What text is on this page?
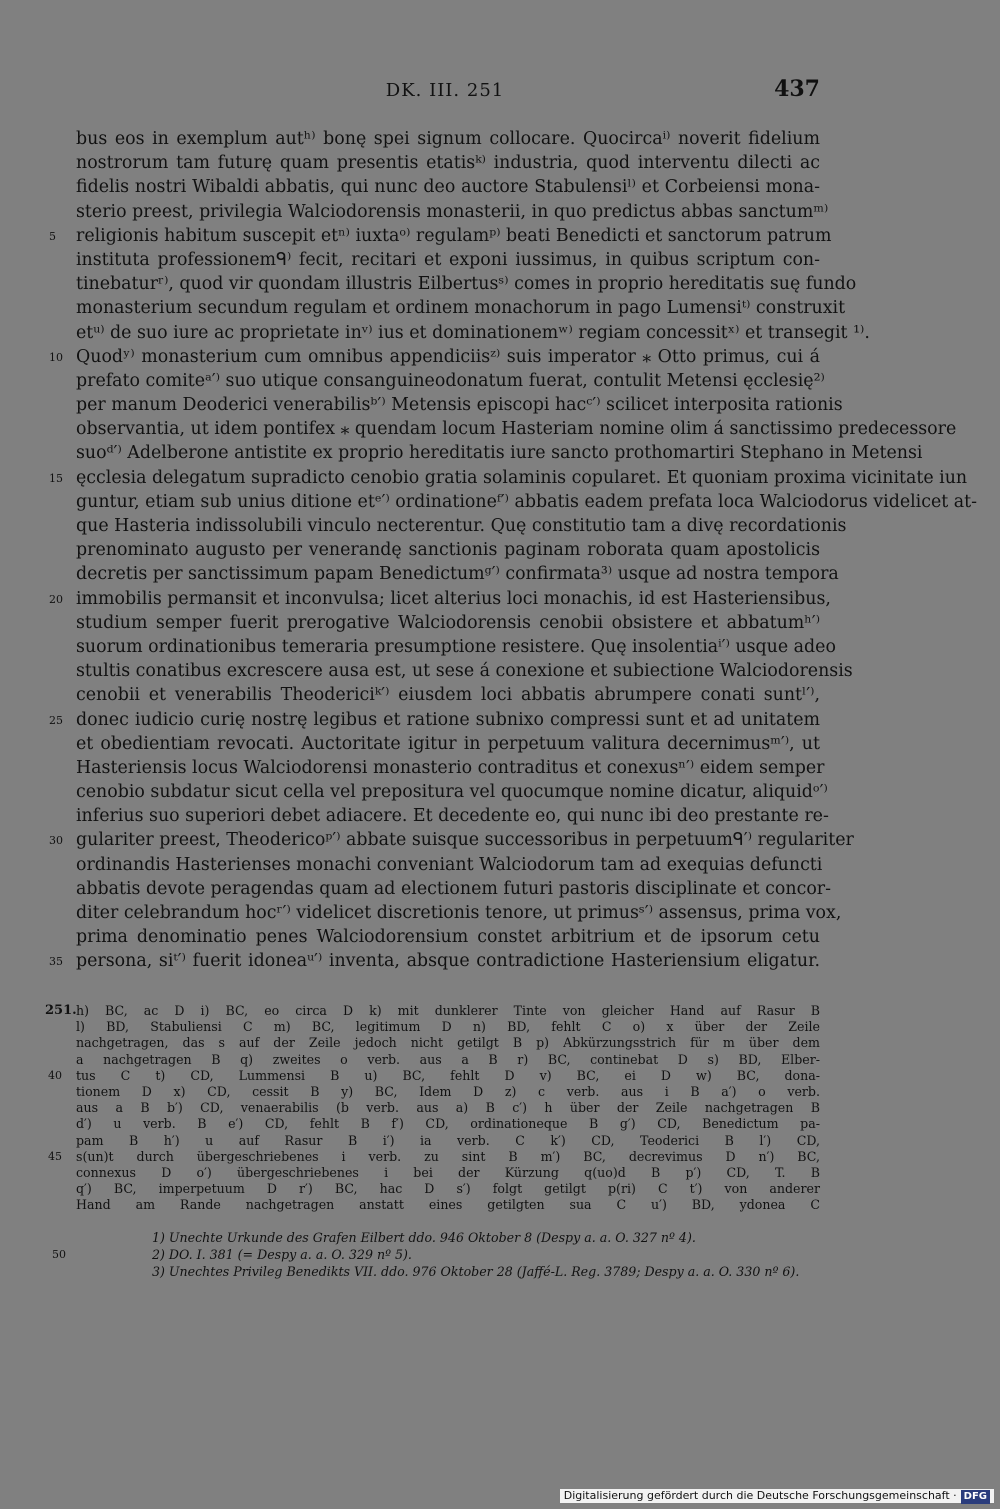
DK. III. 251	437
bus eos in exemplum autʰ⁾ bonę spei signum collocare. Quocircaⁱ⁾ noverit fidelium
nostrorum tam futurę quam presentis etatisᵏ⁾ industria, quod interventu dilecti ac
fidelis nostri Wibaldi abbatis, qui nunc deo auctore Stabulensiˡ⁾ et Corbeiensi mona-
sterio preest, privilegia Walciodorensis monasterii, in quo predictus abbas sanctumᵐ⁾
5	religionis habitum suscepit etⁿ⁾ iuxtaᵒ⁾ regulamᵖ⁾ beati Benedicti et sanctorum patrum
instituta professionemᑫ⁾ fecit, recitari et exponi iussimus, in quibus scriptum con-
tinebaturʳ⁾, quod vir quondam illustris Eilbertusˢ⁾ comes in proprio hereditatis suę fundo
monasterium secundum regulam et ordinem monachorum in pago Lumensiᵗ⁾ construxit
etᵘ⁾ de suo iure ac proprietate inᵛ⁾ ius et dominationemʷ⁾ regiam concessitˣ⁾ et transegit ¹⁾.
10 Quodʸ⁾ monasterium cum omnibus appendiciisᶻ⁾ suis imperator ⁎ Otto primus, cui á
prefato comiteᵃ′⁾ suo utique consanguineodonatum fuerat, contulit Metensi ęcclesię²⁾
per manum Deoderici venerabilisᵇ′⁾ Metensis episcopi hacᶜ′⁾ scilicet interposita rationis
observantia, ut idem pontifex ⁎ quendam locum Hasteriam nomine olim á sanctissimo predecessore
suoᵈ′⁾ Adelberone antistite ex proprio hereditatis iure sancto prothomartiri Stephano in Metensi
15 ęcclesia delegatum supradicto cenobio gratia solaminis copularet. Et quoniam proxima vicinitate iun
guntur, etiam sub unius ditione etᵉ′⁾ ordinationeᶠ′⁾ abbatis eadem prefata loca Walciodorus videlicet at-
que Hasteria indissolubili vinculo necterentur. Quę constitutio tam a divę recordationis
prenominato augusto per venerandę sanctionis paginam roborata quam apostolicis
decretis per sanctissimum papam Benedictumᵍ′⁾ confirmata³⁾ usque ad nostra tempora
20 immobilis permansit et inconvulsa; licet alterius loci monachis, id est Hasteriensibus,
studium semper fuerit prerogative Walciodorensis cenobii obsistere et abbatumʰ′⁾
suorum ordinationibus temeraria presumptione resistere. Quę insolentiaⁱ′⁾ usque adeo
stultis conatibus excrescere ausa est, ut sese á conexione et subiectione Walciodorensis
cenobii et venerabilis Theodericiᵏ′⁾ eiusdem loci abbatis abrumpere conati suntˡ′⁾,
25 donec iudicio curię nostrę legibus et ratione subnixo compressi sunt et ad unitatem
et obedientiam revocati. Auctoritate igitur in perpetuum valitura decernimusᵐ′⁾, ut
Hasteriensis locus Walciodorensi monasterio contraditus et conexusⁿ′⁾ eidem semper
cenobio subdatur sicut cella vel prepositura vel quocumque nomine dicatur, aliquidᵒ′⁾
inferius suo superiori debet adiacere. Et decedente eo, qui nunc ibi deo prestante re-
30 gulariter preest, Theodericoᵖ′⁾ abbate suisque successoribus in perpetuumᑫ′⁾ regulariter
ordinandis Hasterienses monachi conveniant Walciodorum tam ad exequias defuncti
abbatis devote peragendas quam ad electionem futuri pastoris disciplinate et concor-
diter celebrandum hocʳ′⁾ videlicet discretionis tenore, ut primusˢ′⁾ assensus, prima vox,
prima denominatio penes Walciodorensium constet arbitrium et de ipsorum cetu
35 persona, siᵗ′⁾ fuerit idoneaᵘ′⁾ inventa, absque contradictione Hasteriensium eligatur.
251. h) BC, ac D i) BC, eo circa D k) mit dunklerer Tinte von gleicher Hand auf Rasur B
l) BD, Stabuliensi C m) BC, legitimum D n) BD, fehlt C o) x über der Zeile
nachgetragen, das s auf der Zeile jedoch nicht getilgt B p) Abkürzungsstrich für m über dem
a nachgetragen B q) zweites o verb. aus a B r) BC, continebat D s) BD, Elber-
40	tus C t) CD, Lummensi B u) BC, fehlt D v) BC, ei D w) BC, dona-
tionem D x) CD, cessit B y) BC, Idem D z) c verb. aus i B a′) o verb.
aus a B b′) CD, venaerabilis (b verb. aus a) B c′) h über der Zeile nachgetragen B
d′) u verb. B e′) CD, fehlt B f′) CD, ordinationeque B g′) CD, Benedictum pa-
pam B h′) u auf Rasur B i′) ia verb. C k′) CD, Teoderici B l′) CD,
45	s(un)t durch übergeschriebenes i verb. zu sint B m′) BC, decrevimus D n′) BC,
connexus D o′) übergeschriebenes i bei der Kürzung q(uo)d B p′) CD, T. B
q′) BC, imperpetuum D r′) BC, hac D s′) folgt getilgt p(ri) C t′) von anderer
Hand am Rande nachgetragen anstatt eines getilgten sua C u′) BD, ydonea C
1) Unechte Urkunde des Grafen Eilbert ddo. 946 Oktober 8 (Despy a. a. O. 327 nº 4).
50	2) DO. I. 381 (= Despy a. a. O. 329 nº 5).
3) Unechtes Privileg Benedikts VII. ddo. 976 Oktober 28 (Jaffé-L. Reg. 3789; Despy a. a. O. 330 nº 6).
Digitalisierung gefördert durch die Deutsche Forschungsgemeinschaft · DFG
